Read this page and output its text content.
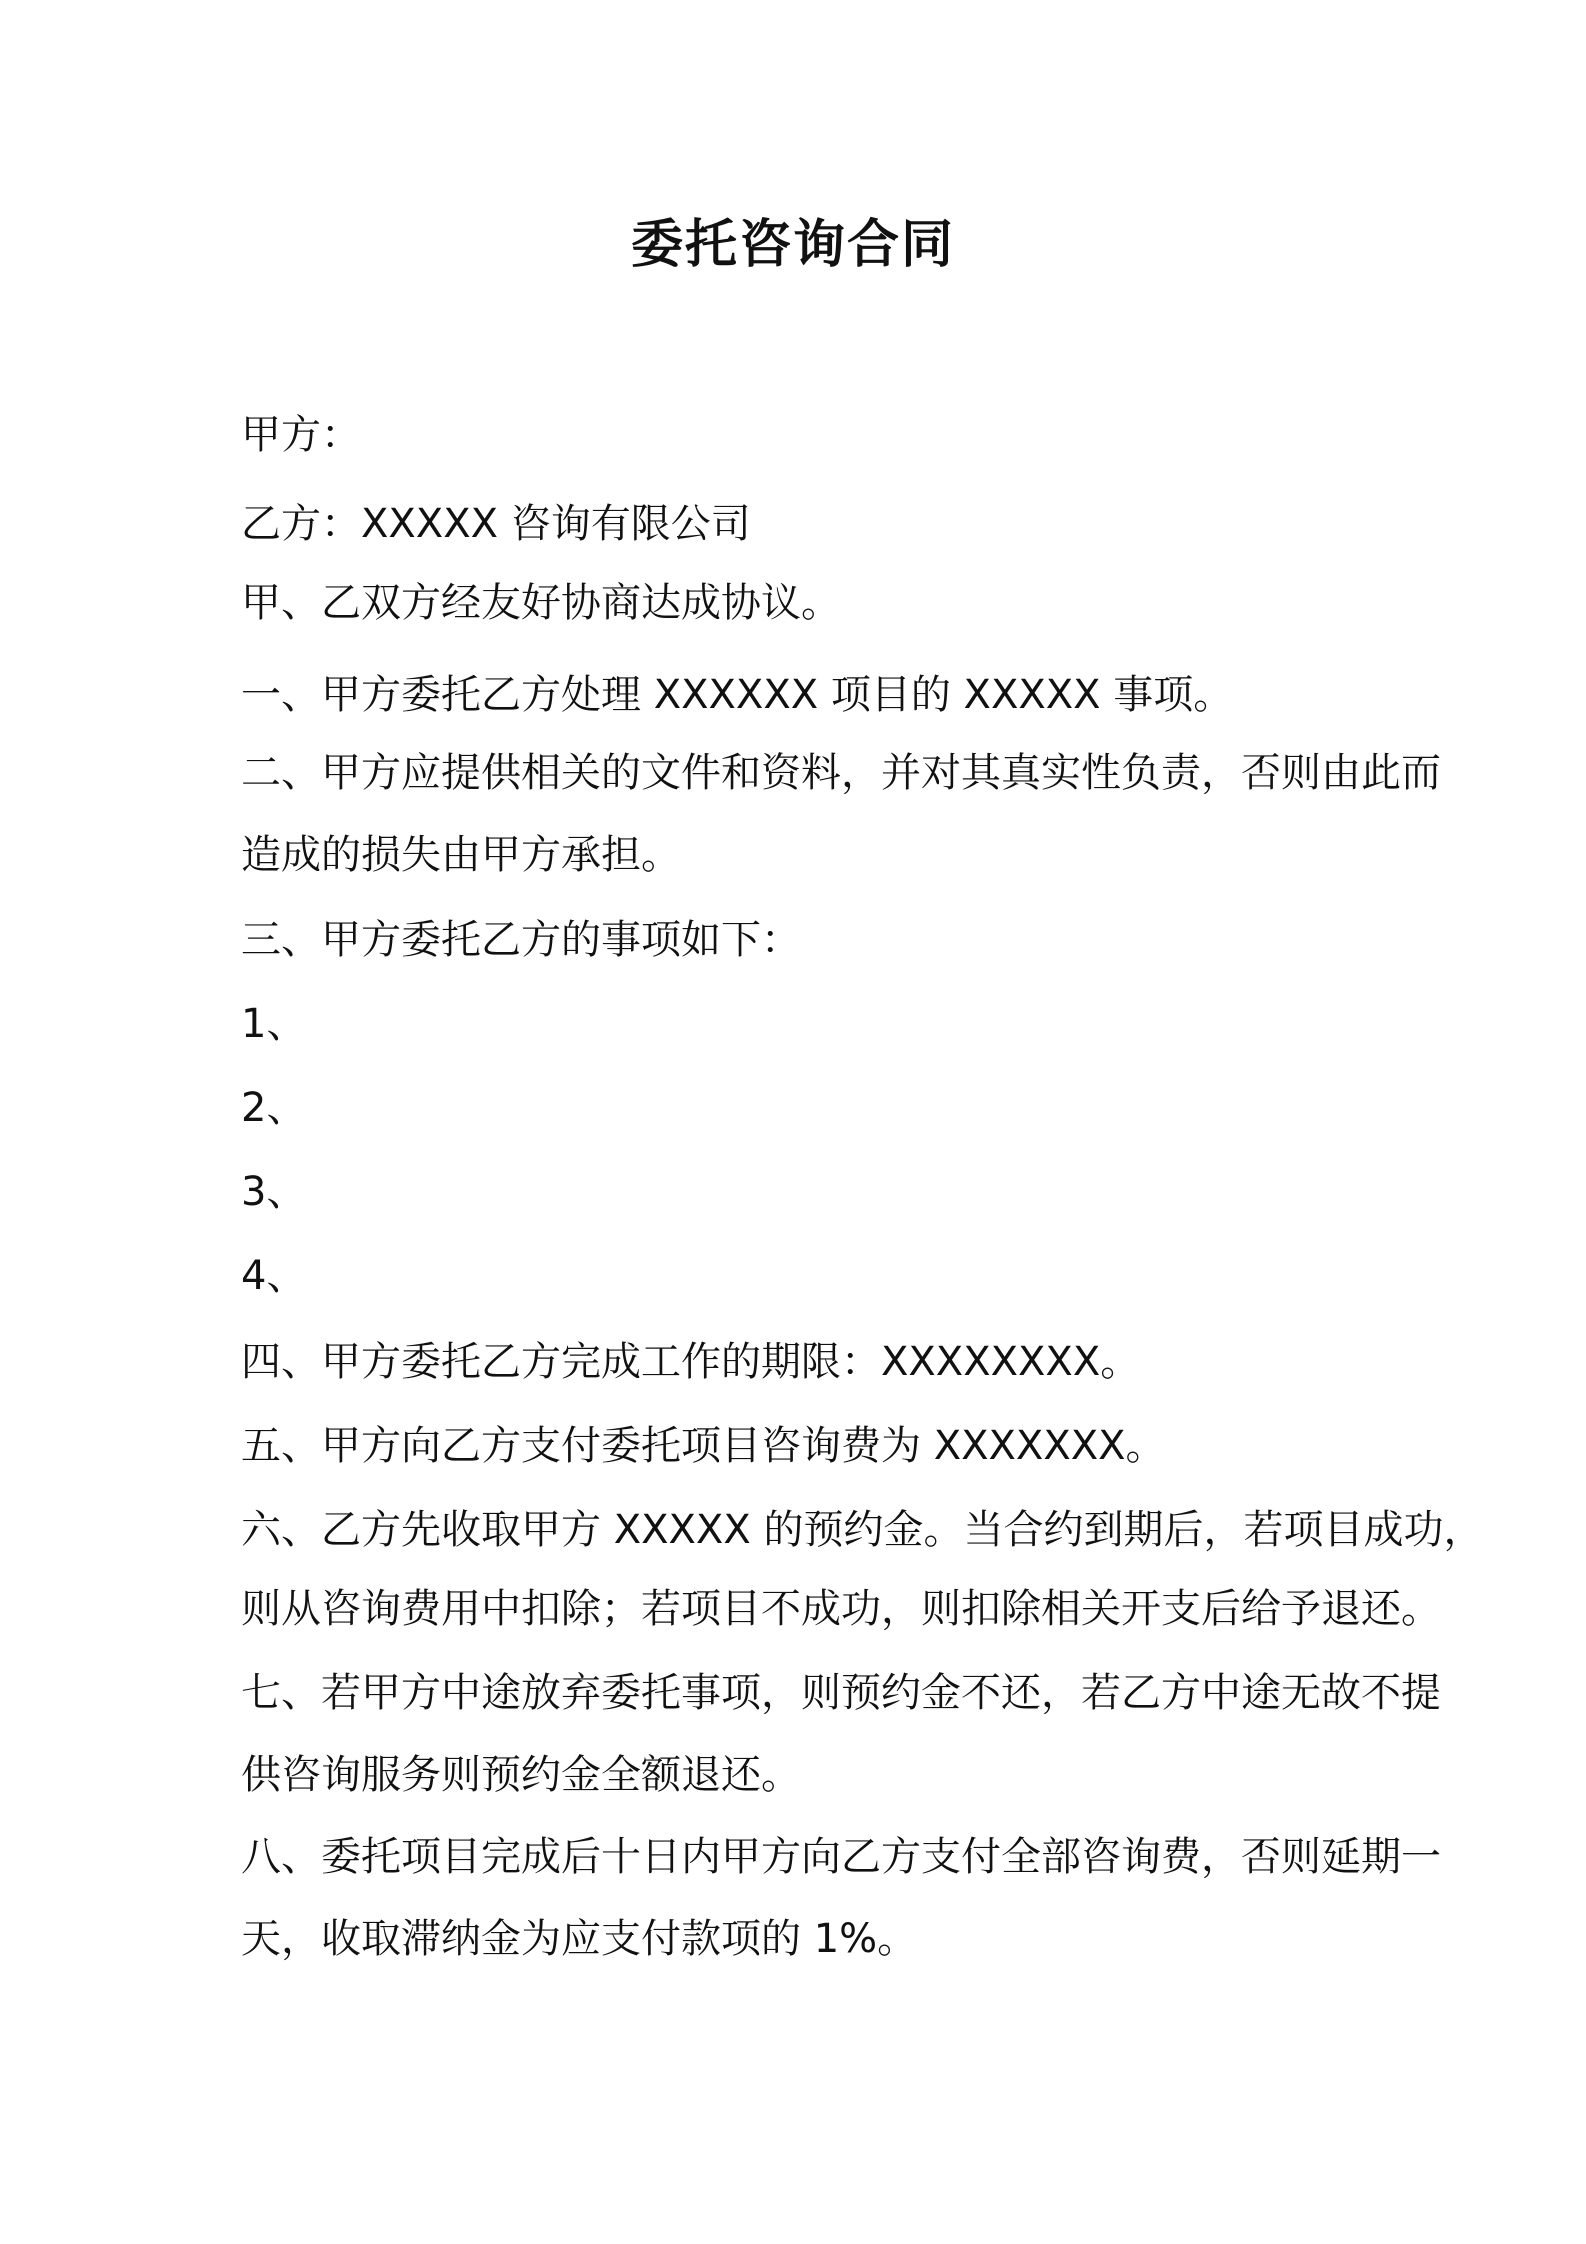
委托咨询合同
甲方：
乙方：XXXXX 咨询有限公司
甲、乙双方经友好协商达成协议。
一、甲方委托乙方处理 XXXXXX 项目的 XXXXX 事项。
二、甲方应提供相关的文件和资料，并对其真实性负责，否则由此而
造成的损失由甲方承担。
三、甲方委托乙方的事项如下：
1、
2、
3、
4、
四、甲方委托乙方完成工作的期限：XXXXXXXX。
五、甲方向乙方支付委托项目咨询费为 XXXXXXX。
六、乙方先收取甲方 XXXXX 的预约金。当合约到期后，若项目成功，
则从咨询费用中扣除；若项目不成功，则扣除相关开支后给予退还。
七、若甲方中途放弃委托事项，则预约金不还，若乙方中途无故不提
供咨询服务则预约金全额退还。
八、委托项目完成后十日内甲方向乙方支付全部咨询费，否则延期一
天，收取滞纳金为应支付款项的 1%。
